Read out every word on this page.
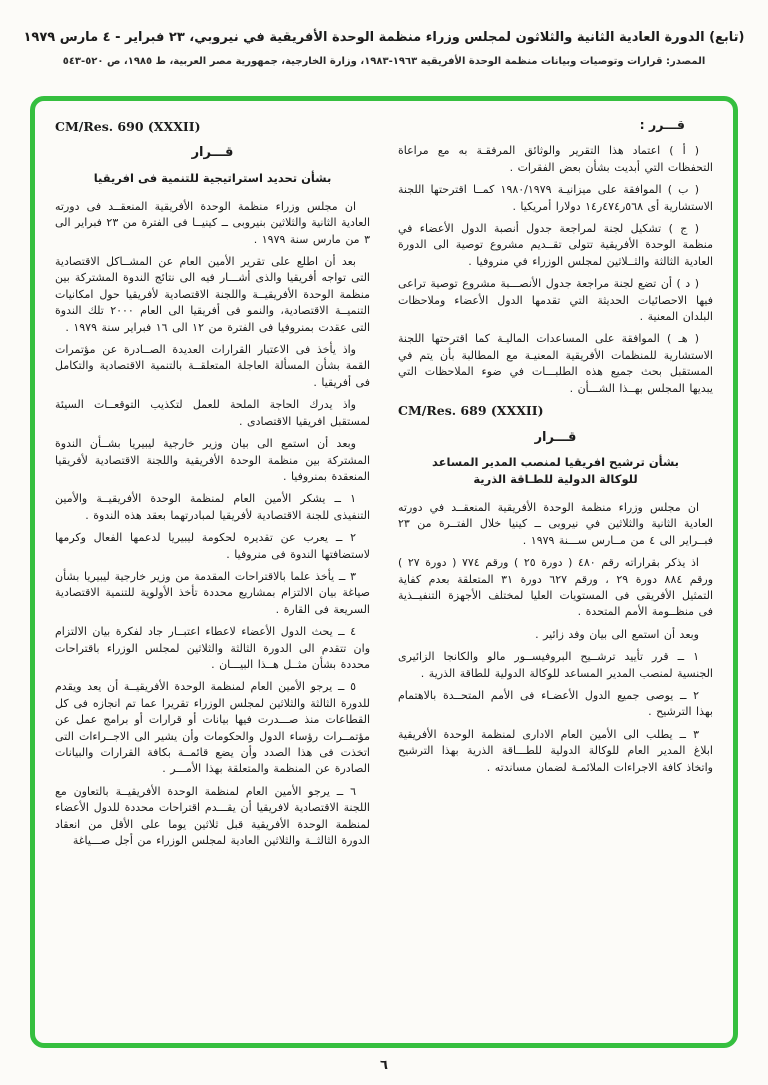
(تابع) الدورة العادية الثانية والثلاثون لمجلس وزراء منظمة الوحدة الأفريقية في نيروبي، ٢٣ فبراير - ٤ مارس ١٩٧٩
المصدر: قرارات وتوصيات وبيانات منظمة الوحدة الأفريقية ١٩٦٣-١٩٨٣، وزارة الخارجية، جمهورية مصر العربية، ط ١٩٨٥، ص ٥٢٠-٥٤٣
قـــرر :

( أ ) اعتماد هذا التقرير والوثائق المرفقـة به مع مراعاة التحفظات التي أبديت بشأن بعض الفقرات .

( ب ) الموافقة على ميزانيـة ١٩٨٠/١٩٧٩ كمــا اقترحتها اللجنة الاستشارية أى ٥٦٨ر٤٧٤ر١٤ دولارا أمريكيا .

( ج ) تشكيل لجنة لمراجعة جدول أنصبة الدول الأعضاء في منظمة الوحدة الأفريقية تتولى تقــديم مشروع توصية الى الدورة العادية الثالثة والثــلاثين لمجلس الوزراء في منروفيا .

( د ) أن تضع لجنة مراجعة جدول الأنصـــبة مشروع توصية تراعى فيها الاحصائيات الحديثة التي تقدمها الدول الأعضاء وملاحظات البلدان المعنية .

( هـ ) الموافقة على المساعدات الماليـة كما اقترحتها اللجنة الاستشارية للمنظمات الأفريقية المعنيـة مع المطالبة بأن يتم في المستقبل بحث جميع هذه الطلبـــات في ضوء الملاحظات التي يبديها المجلس بهــذا الشـــأن .

CM/Res. 689 (XXXII)
قـــرار
بشأن ترشيح افريقيا لمنصب المدير المساعد
للوكالة الدولية للطـاقة الذرية

ان مجلس وزراء منظمة الوحدة الأفريقية المنعقــد في دورته العادية الثانية والثلاثين في نيروبى ــ كينيا خلال الفتــرة من ٢٣ فبــراير الى ٤ من مــارس ســـنة ١٩٧٩ .

اذ يذكر بقراراته رقم ٤٨٠ ( دورة ٢٥ ) ورقم ٧٧٤ ( دورة ٢٧ ) ورقم ٨٨٤ دورة ٢٩ ، ورقم ٦٢٧ دورة ٣١ المتعلقة بعدم كفاية التمثيل الأفريقى فى المستويات العليا لمختلف الأجهزة التنفيــذية فى منظــومة الأمم المتحدة .

وبعد أن استمع الى بيان وفد زائير .

١ ــ قرر تأييد ترشــيح البروفيســور مالو والكانجا الزائيرى الجنسية لمنصب المدير المساعد للوكالة الدولية للطاقة الذرية .

٢ ــ يوصى جميع الدول الأعضـاء فى الأمم المتحــدة بالاهتمام بهذا الترشيح .

٣ ــ يطلب الى الأمين العام الادارى لمنظمة الوحدة الأفريقية ابلاغ المدير العام للوكالة الدولية للطـــاقة الذرية بهذا الترشيح واتخاذ كافة الاجراءات الملائمـة لضمان مساندته .

CM/Res. 690 (XXXII)
قـــرار
بشأن تحديد استراتيجية للتنمية فى افريقيا

ان مجلس وزراء منظمة الوحدة الأفريقية المنعقــد فى دورته العادية الثانية والثلاثين بنيروبى ــ كينيــا فى الفترة من ٢٣ فبراير الى ٣ من مارس سنة ١٩٧٩ .

بعد أن اطلع على تقرير الأمين العام عن المشــاكل الاقتصادية التى تواجه أفريقيا والذى أشـــار فيه الى نتائج الندوة المشتركة بين منظمة الوحدة الأفريقيــة واللجنة الاقتصادية لأفريقيا حول امكانيات التنميــة الاقتصادية، والنمو فى أفريقيا الى العام ٢٠٠٠ تلك الندوة التى عقدت بمنروفيا فى الفترة من ١٢ الى ١٦ فبراير سنة ١٩٧٩ .

واذ يأخذ فى الاعتبار القرارات العديدة الصــادرة عن مؤتمرات القمة بشأن المسألة العاجلة المتعلقــة بالتنمية الاقتصادية والتكامل فى أفريقيا .

واذ يدرك الحاجة الملحة للعمل لتكذيب التوقعــات السيئة لمستقبل افريقيا الاقتصادى .

وبعد أن استمع الى بيان وزير خارجية ليبيريا بشــأن الندوة المشتركة بين منظمة الوحدة الأفريقية واللجنة الاقتصادية لأفريقيا المنعقدة بمنروفيا .

١ ــ يشكر الأمين العام لمنظمة الوحدة الأفريقيــة والأمين التنفيذى للجنة الاقتصادية لأفريقيا لمبادرتهما بعقد هذه الندوة .

٢ ــ يعرب عن تقديره لحكومة ليبيريا لدعمها الفعال وكرمها لاستضافتها الندوة فى منروفيا .

٣ ــ يأخذ علما بالاقتراحات المقدمة من وزير خارجية ليبيريا بشأن صياغة بيان الالتزام بمشاريع محددة تأخذ الأولوية للتنمية الاقتصادية السريعة فى القارة .

٤ ــ يحث الدول الأعضاء لاعطاء اعتبــار جاد لفكرة بيان الالتزام وان تتقدم الى الدورة الثالثة والثلاثين لمجلس الوزراء باقتراحات محددة بشأن مثــل هــذا البيـــان .

٥ ــ يرجو الأمين العام لمنظمة الوحدة الأفريقيــة أن يعد ويقدم للدورة الثالثة والثلاثين لمجلس الوزراء تقريرا عما تم انجازه فى كل القطاعات منذ صـــدرت فيها بيانات أو قرارات أو برامج عمل عن مؤتمــرات رؤساء الدول والحكومات وأن يشير الى الاجــراءات التى اتخذت فى هذا الصدد وأن يضع قائمــة بكافة القرارات والبيانات الصادرة عن المنظمة والمتعلقة بهذا الأمـــر .

٦ ــ يرجو الأمين العام لمنظمة الوحدة الأفريقيــة بالتعاون مع اللجنة الاقتصادية لافريقيا أن يقـــدم اقتراحات محددة للدول الأعضاء لمنظمة الوحدة الأفريقية قبل ثلاثين يوما على الأقل من انعقاد الدورة الثالثــة والثلاثين العادية لمجلس الوزراء من أجل صـــياغة

٦
